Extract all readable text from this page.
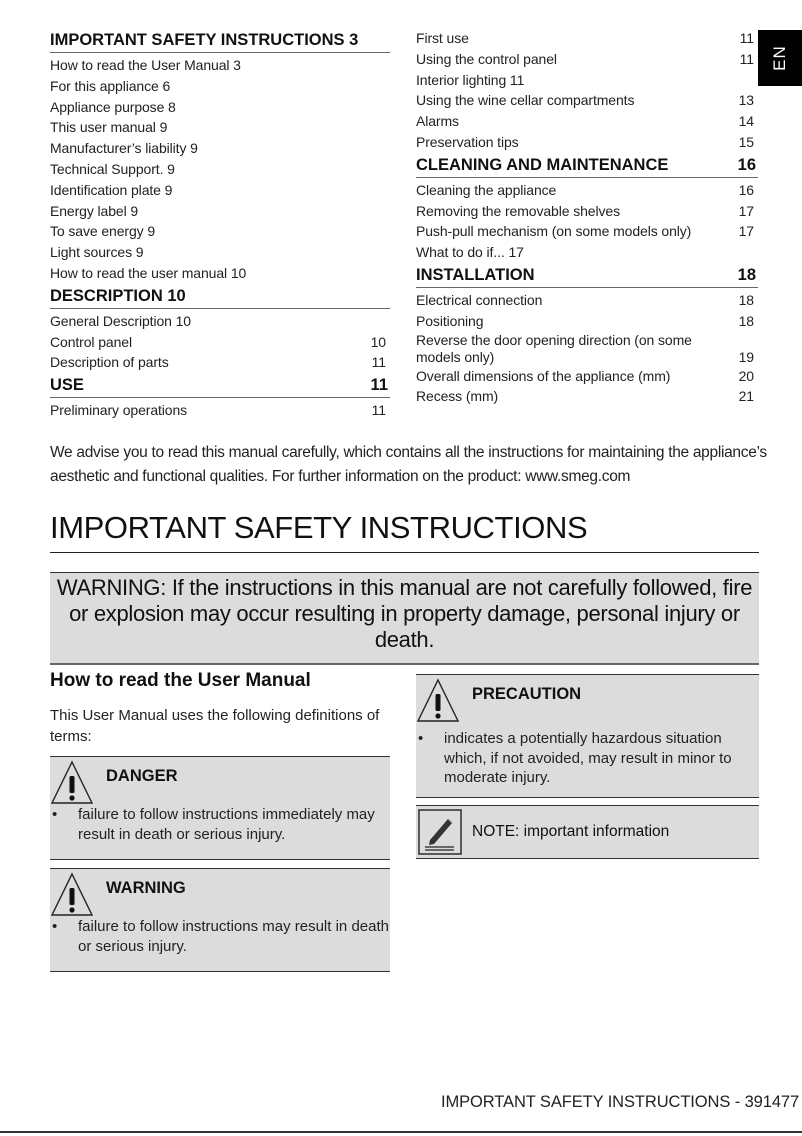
IMPORTANT SAFETY INSTRUCTIONS 3
How to read the User Manual 3
For this appliance 6
Appliance purpose 8
This user manual 9
Manufacturer’s liability 9
Technical Support. 9
Identification plate 9
Energy label 9
To save energy 9
Light sources 9
How to read the user manual 10
DESCRIPTION 10
General Description 10
Control panel	10
Description of parts	11
USE	11
Preliminary operations	11
First use	11
Using the control panel	11
Interior lighting 11
Using the wine cellar compartments	13
Alarms	14
Preservation tips	15
CLEANING AND MAINTENANCE	16
Cleaning the appliance	16
Removing the removable shelves	17
Push-pull mechanism (on some models only)	17
What to do if... 17
INSTALLATION	18
Electrical connection	18
Positioning	18
Reverse the door opening direction (on some models only)	19
Overall dimensions of the appliance (mm)	20
Recess (mm)	21
EN

We advise you to read this manual carefully, which contains all the instructions for maintaining the appliance’s aesthetic and functional qualities. For further information on the product: www.smeg.com

IMPORTANT SAFETY INSTRUCTIONS
WARNING: If the instructions in this manual are not carefully followed, fire or explosion may occur resulting in property damage, personal injury or death.
How to read the User Manual

This User Manual uses the following definitions of terms:

DANGER
•	failure to follow instructions immediately may result in death or serious injury.
WARNING
•	failure to follow instructions may result in death or serious injury.
PRECAUTION
•	indicates a potentially hazardous situation which, if not avoided, may result in minor to moderate injury.
NOTE: important information
IMPORTANT SAFETY INSTRUCTIONS - 391477
